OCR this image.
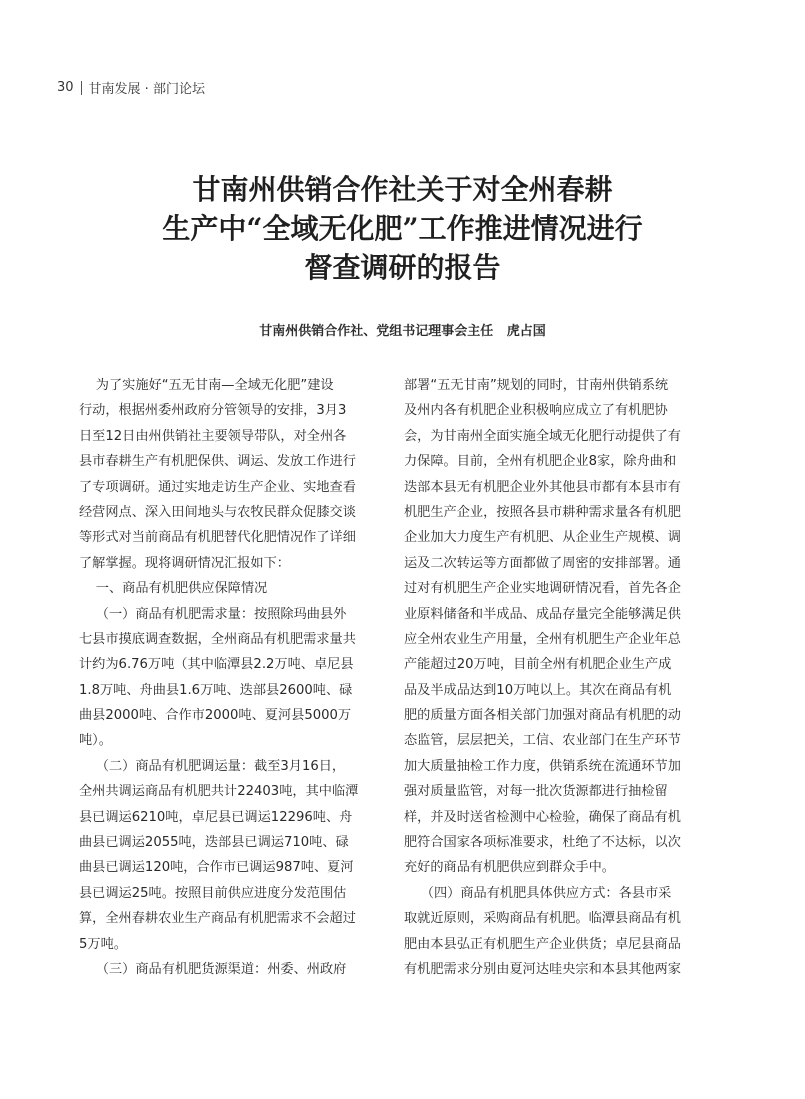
30 甘南发展 · 部门论坛
甘南州供销合作社关于对全州春耕
生产中“全域无化肥”工作推进情况进行
督查调研的报告
甘南州供销合作社、党组书记理事会主任   虎占国
为了实施好“五无甘南—全域无化肥”建设
行动，根据州委州政府分管领导的安排，3月3
日至12日由州供销社主要领导带队，对全州各
县市春耕生产有机肥保供、调运、发放工作进行
了专项调研。通过实地走访生产企业、实地查看
经营网点、深入田间地头与农牧民群众促膝交谈
等形式对当前商品有机肥替代化肥情况作了详细
了解掌握。现将调研情况汇报如下：
一、商品有机肥供应保障情况
（一）商品有机肥需求量：按照除玛曲县外
七县市摸底调查数据，全州商品有机肥需求量共
计约为6.76万吨（其中临潭县2.2万吨、卓尼县
1.8万吨、舟曲县1.6万吨、迭部县2600吨、碌
曲县2000吨、合作市2000吨、夏河县5000万
吨）。
（二）商品有机肥调运量：截至3月16日，
全州共调运商品有机肥共计22403吨，其中临潭
县已调运6210吨，卓尼县已调运12296吨、舟
曲县已调运2055吨，迭部县已调运710吨、碌
曲县已调运120吨，合作市已调运987吨、夏河
县已调运25吨。按照目前供应进度分发范围估
算，全州春耕农业生产商品有机肥需求不会超过
5万吨。
（三）商品有机肥货源渠道：州委、州政府
部署“五无甘南”规划的同时，甘南州供销系统
及州内各有机肥企业积极响应成立了有机肥协
会，为甘南州全面实施全域无化肥行动提供了有
力保障。目前，全州有机肥企业8家，除舟曲和
迭部本县无有机肥企业外其他县市都有本县市有
机肥生产企业，按照各县市耕种需求量各有机肥
企业加大力度生产有机肥、从企业生产规模、调
运及二次转运等方面都做了周密的安排部署。通
过对有机肥生产企业实地调研情况看，首先各企
业原料储备和半成品、成品存量完全能够满足供
应全州农业生产用量，全州有机肥生产企业年总
产能超过20万吨，目前全州有机肥企业生产成
品及半成品达到10万吨以上。其次在商品有机
肥的质量方面各相关部门加强对商品有机肥的动
态监管，层层把关，工信、农业部门在生产环节
加大质量抽检工作力度，供销系统在流通环节加
强对质量监管，对每一批次货源都进行抽检留
样，并及时送省检测中心检验，确保了商品有机
肥符合国家各项标准要求，杜绝了不达标，以次
充好的商品有机肥供应到群众手中。
（四）商品有机肥具体供应方式：各县市采
取就近原则，采购商品有机肥。临潭县商品有机
肥由本县弘正有机肥生产企业供货；卓尼县商品
有机肥需求分别由夏河达哇央宗和本县其他两家
